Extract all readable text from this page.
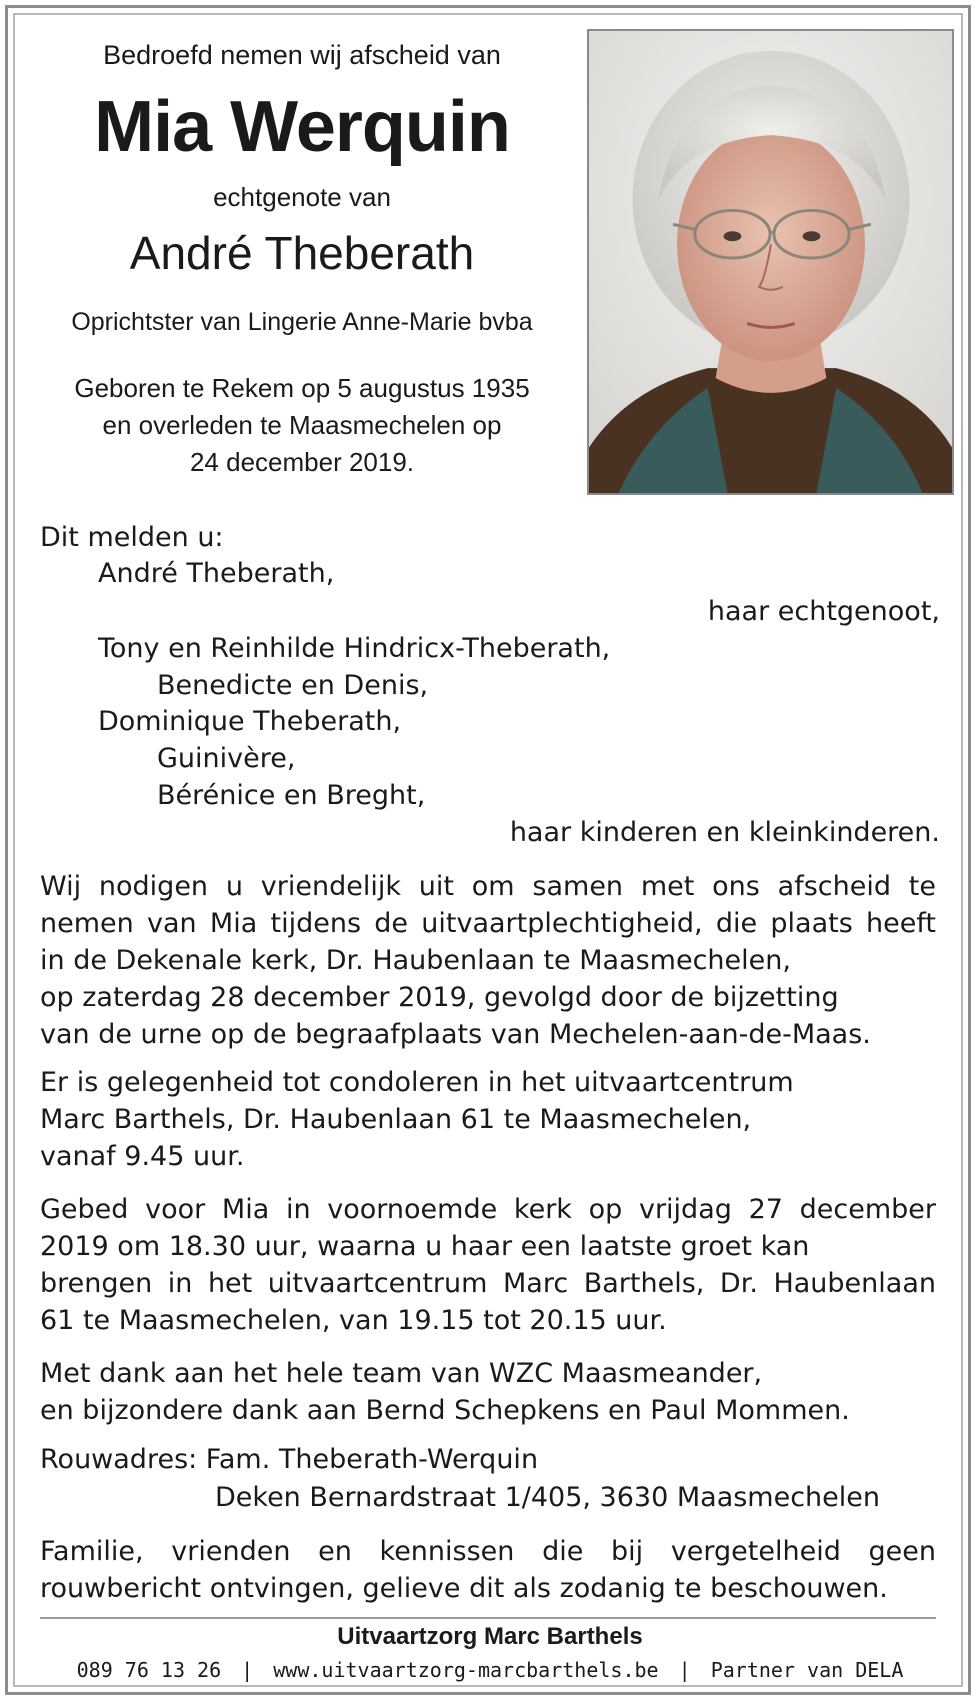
Bedroefd nemen wij afscheid van
Mia Werquin
echtgenote van
André Theberath
Oprichtster van Lingerie Anne-Marie bvba
Geboren te Rekem op 5 augustus 1935
en overleden te Maasmechelen op
24 december 2019.
Dit melden u:
André Theberath,
haar echtgenoot,
Tony en Reinhilde Hindricx-Theberath,
Benedicte en Denis,
Dominique Theberath,
Guinivère,
Bérénice en Breght,
haar kinderen en kleinkinderen.
Wij nodigen u vriendelijk uit om samen met ons afscheid te
nemen van Mia tijdens de uitvaartplechtigheid, die plaats heeft
in de Dekenale kerk, Dr. Haubenlaan te Maasmechelen,
op zaterdag 28 december 2019, gevolgd door de bijzetting
van de urne op de begraafplaats van Mechelen-aan-de-Maas.
Er is gelegenheid tot condoleren in het uitvaartcentrum
Marc Barthels, Dr. Haubenlaan 61 te Maasmechelen,
vanaf 9.45 uur.
Gebed voor Mia in voornoemde kerk op vrijdag 27 december
2019 om 18.30 uur, waarna u haar een laatste groet kan
brengen in het uitvaartcentrum Marc Barthels, Dr. Haubenlaan
61 te Maasmechelen, van 19.15 tot 20.15 uur.
Met dank aan het hele team van WZC Maasmeander,
en bijzondere dank aan Bernd Schepkens en Paul Mommen.
Rouwadres: Fam. Theberath-Werquin
Deken Bernardstraat 1/405, 3630 Maasmechelen
Familie, vrienden en kennissen die bij vergetelheid geen
rouwbericht ontvingen, gelieve dit als zodanig te beschouwen.
Uitvaartzorg Marc Barthels
089 76 13 26 | www.uitvaartzorg-marcbarthels.be | Partner van DELA
